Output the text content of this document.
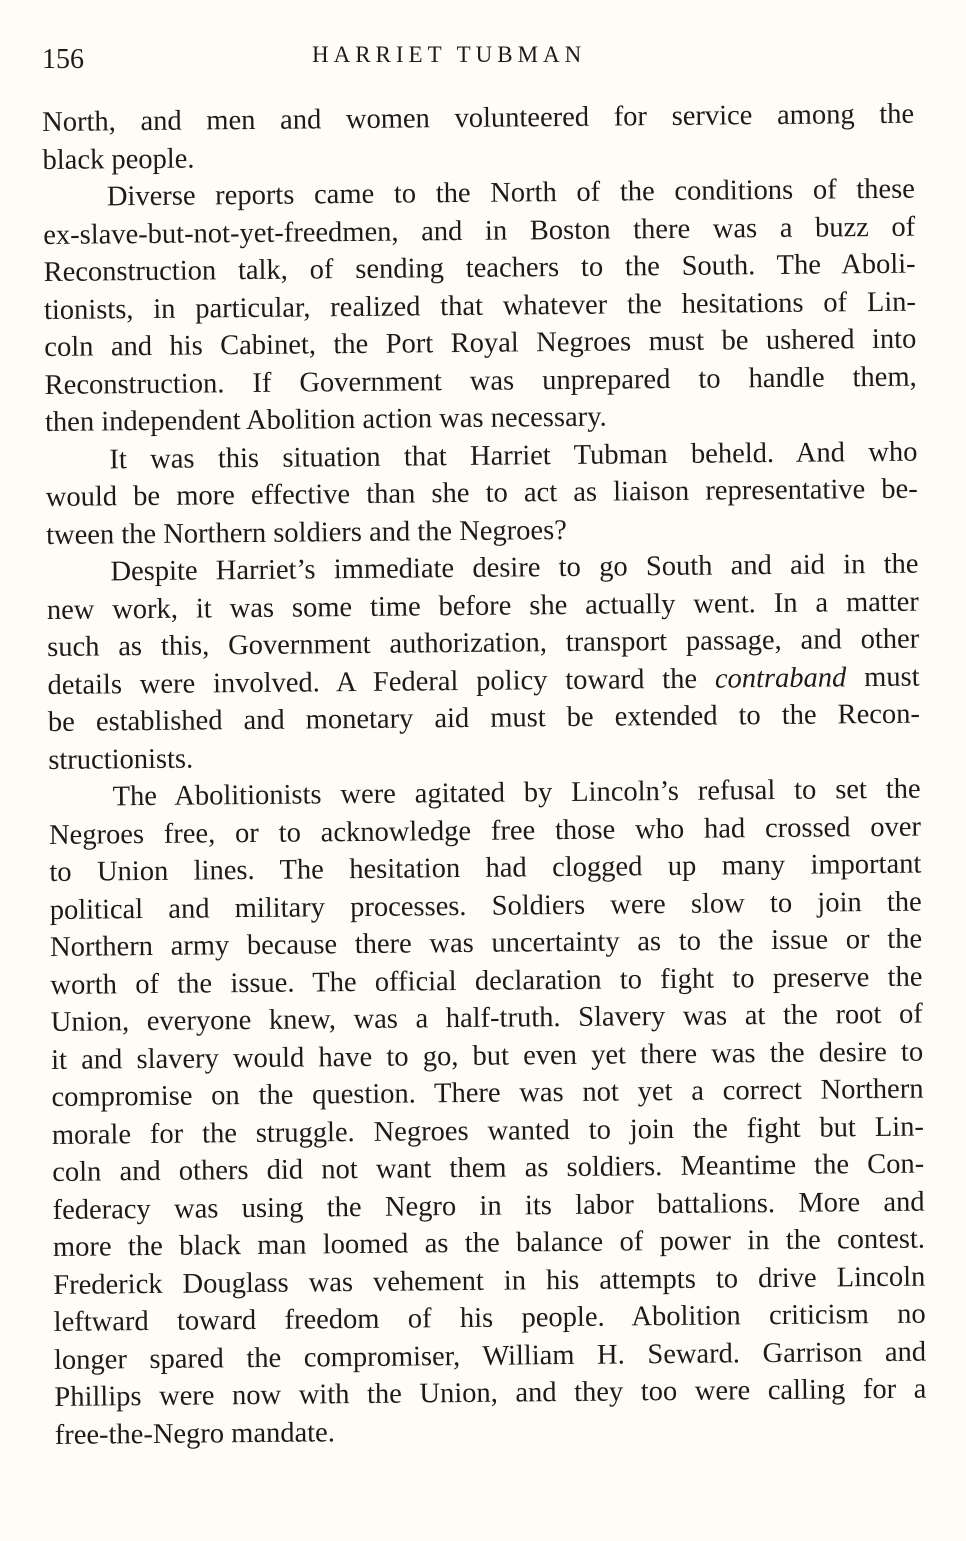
156	HARRIET TUBMAN
North, and men and women volunteered for service among the
black people.
Diverse reports came to the North of the conditions of these
ex-slave-but-not-yet-freedmen, and in Boston there was a buzz of
Reconstruction talk, of sending teachers to the South. The Aboli-
tionists, in particular, realized that whatever the hesitations of Lin-
coln and his Cabinet, the Port Royal Negroes must be ushered into
Reconstruction. If Government was unprepared to handle them,
then independent Abolition action was necessary.
It was this situation that Harriet Tubman beheld. And who
would be more effective than she to act as liaison representative be-
tween the Northern soldiers and the Negroes?
Despite Harriet’s immediate desire to go South and aid in the
new work, it was some time before she actually went. In a matter
such as this, Government authorization, transport passage, and other
details were involved. A Federal policy toward the contraband must
be established and monetary aid must be extended to the Recon-
structionists.
The Abolitionists were agitated by Lincoln’s refusal to set the
Negroes free, or to acknowledge free those who had crossed over
to Union lines. The hesitation had clogged up many important
political and military processes. Soldiers were slow to join the
Northern army because there was uncertainty as to the issue or the
worth of the issue. The official declaration to fight to preserve the
Union, everyone knew, was a half-truth. Slavery was at the root of
it and slavery would have to go, but even yet there was the desire to
compromise on the question. There was not yet a correct Northern
morale for the struggle. Negroes wanted to join the fight but Lin-
coln and others did not want them as soldiers. Meantime the Con-
federacy was using the Negro in its labor battalions. More and
more the black man loomed as the balance of power in the contest.
Frederick Douglass was vehement in his attempts to drive Lincoln
leftward toward freedom of his people. Abolition criticism no
longer spared the compromiser, William H. Seward. Garrison and
Phillips were now with the Union, and they too were calling for a
free-the-Negro mandate.
